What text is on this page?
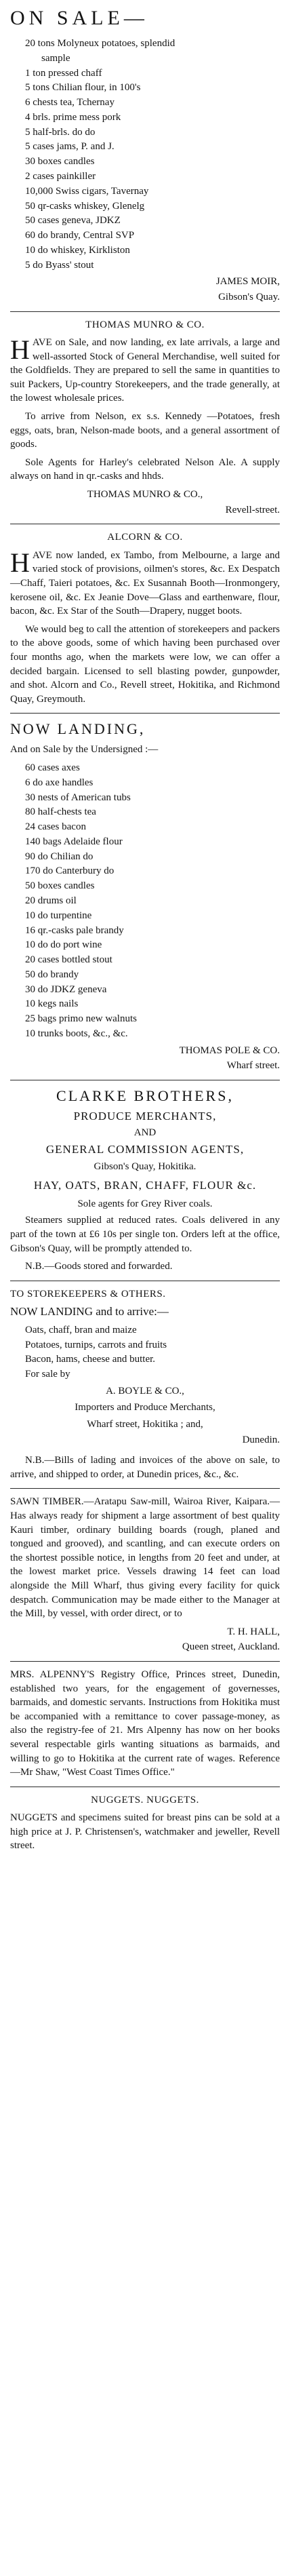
ON SALE—
20 tons Molyneux potatoes, splendid
sample
1 ton pressed chaff
5 tons Chilian flour, in 100's
6 chests tea, Tchernay
4 brls. prime mess pork
5 half-brls. do do
5 cases jams, P. and J.
30 boxes candles
2 cases painkiller
10,000 Swiss cigars, Tavernay
50 qr-casks whiskey, Glenelg
50 cases geneva, JDKZ
60 do brandy, Central SVP
10 do whiskey, Kirkliston
5 do Byass' stout
JAMES MOIR,
Gibson's Quay.
THOMAS MUNRO & CO.

HAVE on Sale, and now landing, ex late arrivals, a large and well-assorted Stock of General Merchandise, well suited for the Goldfields. They are prepared to sell the same in quantities to suit Packers, Up-country Storekeepers, and the trade generally, at the lowest wholesale prices.

To arrive from Nelson, ex s.s. Kennedy —Potatoes, fresh eggs, oats, bran, Nelson-made boots, and a general assortment of goods.

Sole Agents for Harley's celebrated Nelson Ale. A supply always on hand in qr.-casks and hhds.

THOMAS MUNRO & CO.,
Revell-street.
ALCORN & CO.

HAVE now landed, ex Tambo, from Melbourne, a large and varied stock of provisions, oilmen's stores, &c. Ex Despatch—Chaff, Taieri potatoes, &c. Ex Susannah Booth—Ironmongery, kerosene oil, &c. Ex Jeanie Dove—Glass and earthenware, flour, bacon, &c. Ex Star of the South—Drapery, nugget boots.

We would beg to call the attention of storekeepers and packers to the above goods, some of which having been purchased over four months ago, when the markets were low, we can offer a decided bargain. Licensed to sell blasting powder, gunpowder, and shot. Alcorn and Co., Revell street, Hokitika, and Richmond Quay, Greymouth.

NOW LANDING,
And on Sale by the Undersigned :—
60 cases axes
6 do axe handles
30 nests of American tubs
80 half-chests tea
24 cases bacon
140 bags Adelaide flour
90 do Chilian do
170 do Canterbury do
50 boxes candles
20 drums oil
10 do turpentine
16 qr.-casks pale brandy
10 do do port wine
20 cases bottled stout
50 do brandy
30 do JDKZ geneva
10 kegs nails
25 bags primo new walnuts
10 trunks boots, &c., &c.
THOMAS POLE & CO.
Wharf street.
CLARKE BROTHERS,
PRODUCE MERCHANTS,
AND
GENERAL COMMISSION AGENTS,
Gibson's Quay, Hokitika.
HAY, OATS, BRAN, CHAFF, FLOUR &c.
Sole agents for Grey River coals.

Steamers supplied at reduced rates. Coals delivered in any part of the town at £6 10s per single ton. Orders left at the office, Gibson's Quay, will be promptly attended to.

N.B.—Goods stored and forwarded.

TO STOREKEEPERS & OTHERS.
NOW LANDING and to arrive:—
Oats, chaff, bran and maize
Potatoes, turnips, carrots and fruits
Bacon, hams, cheese and butter.
For sale by
A. BOYLE & CO.,
Importers and Produce Merchants,
Wharf street, Hokitika ; and,
Dunedin.

N.B.—Bills of lading and invoices of the above on sale, to arrive, and shipped to order, at Dunedin prices, &c., &c.

SAWN TIMBER.—Aratapu Saw-mill, Wairoa River, Kaipara.—Has always ready for shipment a large assortment of best quality Kauri timber, ordinary building boards (rough, planed and tongued and grooved), and scantling, and can execute orders on the shortest possible notice, in lengths from 20 feet and under, at the lowest market price. Vessels drawing 14 feet can load alongside the Mill Wharf, thus giving every facility for quick despatch. Communication may be made either to the Manager at the Mill, by vessel, with order direct, or to

T. H. HALL,
Queen street, Auckland.

MRS. ALPENNY'S Registry Office, Princes street, Dunedin, established two years, for the engagement of governesses, barmaids, and domestic servants. Instructions from Hokitika must be accompanied with a remittance to cover passage-money, as also the registry-fee of 21. Mrs Alpenny has now on her books several respectable girls wanting situations as barmaids, and willing to go to Hokitika at the current rate of wages. Reference—Mr Shaw, "West Coast Times Office."

NUGGETS. NUGGETS.

NUGGETS and specimens suited for breast pins can be sold at a high price at J. P. Christensen's, watchmaker and jeweller, Revell street.
